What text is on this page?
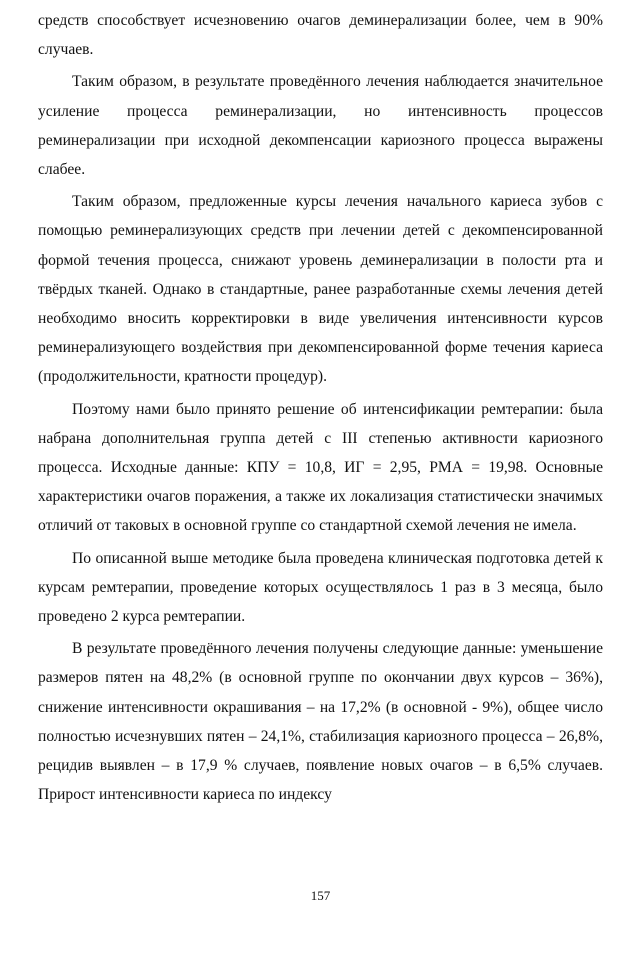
средств способствует исчезновению очагов деминерализации более, чем в 90% случаев.

Таким образом, в результате проведённого лечения наблюдается значительное усиление процесса реминерализации, но интенсивность процессов реминерализации при исходной декомпенсации кариозного процесса выражены слабее.

Таким образом, предложенные курсы лечения начального кариеса зубов с помощью реминерализующих средств при лечении детей с декомпенсированной формой течения процесса, снижают уровень деминерализации в полости рта и твёрдых тканей. Однако в стандартные, ранее разработанные схемы лечения детей необходимо вносить корректировки в виде увеличения интенсивности курсов реминерализующего воздействия при декомпенсированной форме течения кариеса (продолжительности, кратности процедур).

Поэтому нами было принято решение об интенсификации ремтерапии: была набрана дополнительная группа детей с III степенью активности кариозного процесса. Исходные данные: КПУ = 10,8, ИГ = 2,95, РМА = 19,98. Основные характеристики очагов поражения, а также их локализация статистически значимых отличий от таковых в основной группе со стандартной схемой лечения не имела.

По описанной выше методике была проведена клиническая подготовка детей к курсам ремтерапии, проведение которых осуществлялось 1 раз в 3 месяца, было проведено 2 курса ремтерапии.

В результате проведённого лечения получены следующие данные: уменьшение размеров пятен на 48,2% (в основной группе по окончании двух курсов – 36%), снижение интенсивности окрашивания – на 17,2% (в основной - 9%), общее число полностью исчезнувших пятен – 24,1%, стабилизация кариозного процесса – 26,8%, рецидив выявлен – в 17,9 % случаев, появление новых очагов – в 6,5% случаев. Прирост интенсивности кариеса по индексу

157
